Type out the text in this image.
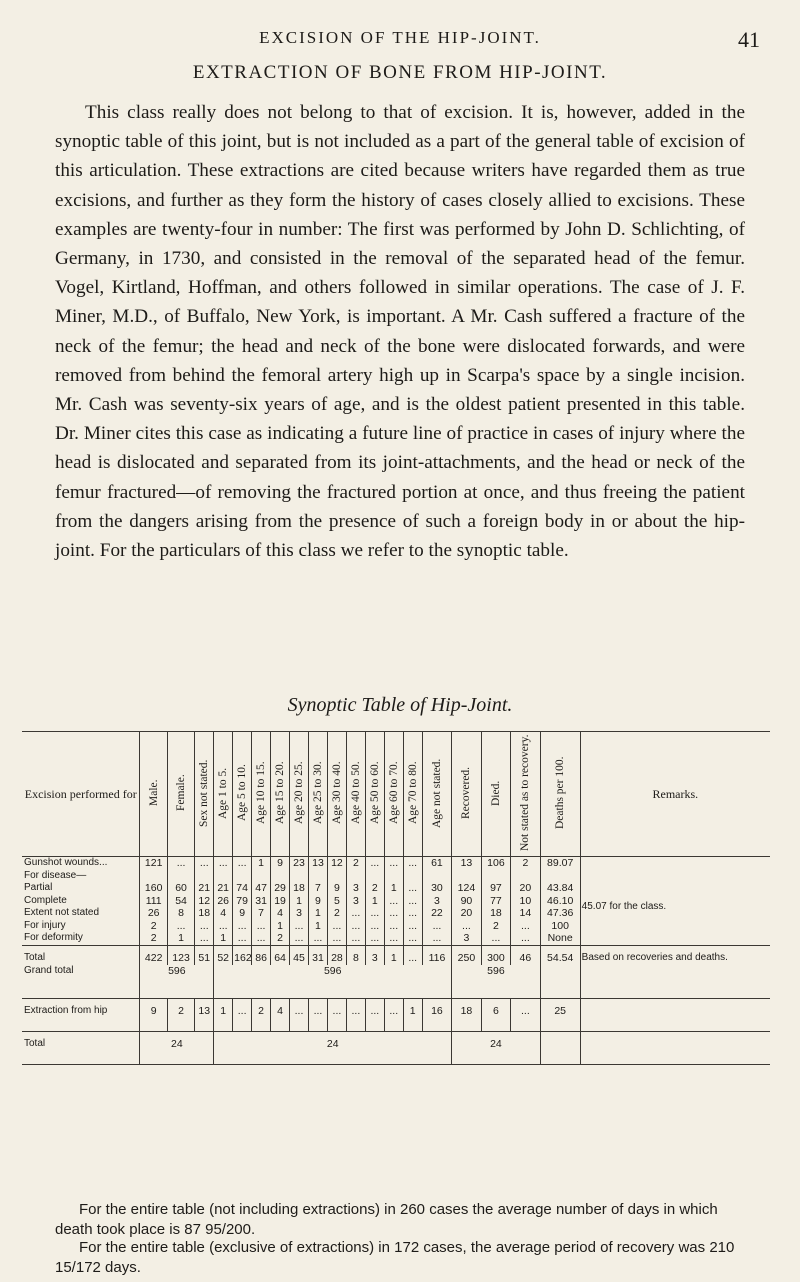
EXCISION OF THE HIP-JOINT.	41
EXTRACTION OF BONE FROM HIP-JOINT.

This class really does not belong to that of excision. It is, however, added in the synoptic table of this joint, but is not included as a part of the general table of excision of this articulation. These extractions are cited because writers have regarded them as true excisions, and further as they form the history of cases closely allied to excisions. These examples are twenty-four in number: The first was performed by John D. Schlichting, of Germany, in 1730, and consisted in the removal of the separated head of the femur. Vogel, Kirtland, Hoffman, and others followed in similar operations. The case of J. F. Miner, M.D., of Buffalo, New York, is important. A Mr. Cash suffered a fracture of the neck of the femur; the head and neck of the bone were dislocated forwards, and were removed from behind the femoral artery high up in Scarpa's space by a single incision. Mr. Cash was seventy-six years of age, and is the oldest patient presented in this table. Dr. Miner cites this case as indicating a future line of practice in cases of injury where the head is dislocated and separated from its joint-attachments, and the head or neck of the femur fractured—of removing the fractured portion at once, and thus freeing the patient from the dangers arising from the presence of such a foreign body in or about the hip-joint. For the particulars of this class we refer to the synoptic table.

Synoptic Table of Hip-Joint.
Excision performed for	Male.	Female.	Sex not stated.	Age 1 to 5.	Age 5 to 10.	Age 10 to 15.	Age 15 to 20.	Age 20 to 25.	Age 25 to 30.	Age 30 to 40.	Age 40 to 50.	Age 50 to 60.	Age 60 to 70.	Age 70 to 80.	Age not stated.	Recovered.	Died.	Not stated as to recovery.	Deaths per 100.	Remarks.
Gunshot wounds...	121	...	...	...	...	1	9	23	13	12	2	...	...	...	61	13	106	2	89.07	
For disease—																				45.07 for the class.
Partial	160	60	21	21	74	47	29	18	7	9	3	2	1	...	30	124	97	20	43.84	
Complete	111	54	12	26	79	31	19	1	9	5	3	1	...	...	3	90	77	10	46.10	
Extent not stated	26	8	18	4	9	7	4	3	1	2	...	...	...	...	22	20	18	14	47.36	
For injury	2	...	...	...	...	...	1	...	1	...	...	...	...	...	...	...	2	...	100	
For deformity	2	1	...	1	...	...	2	...	...	...	...	...	...	...	...	3	...	...	None	
Total	422	123	51	52	162	86	64	45	31	28	8	3	1	...	116	250	300	46	54.54	Based on recoveries and deaths.
Grand total	596			596												596				
Extraction from hip	9	2	13	1	...	2	4	...	...	...	...	...	...	1	16	18	6	...	25	
Total	24			24												24				

For the entire table (not including extractions) in 260 cases the average number of days in which death took place is 87 95/200.

For the entire table (exclusive of extractions) in 172 cases, the average period of recovery was 210 15/172 days.
